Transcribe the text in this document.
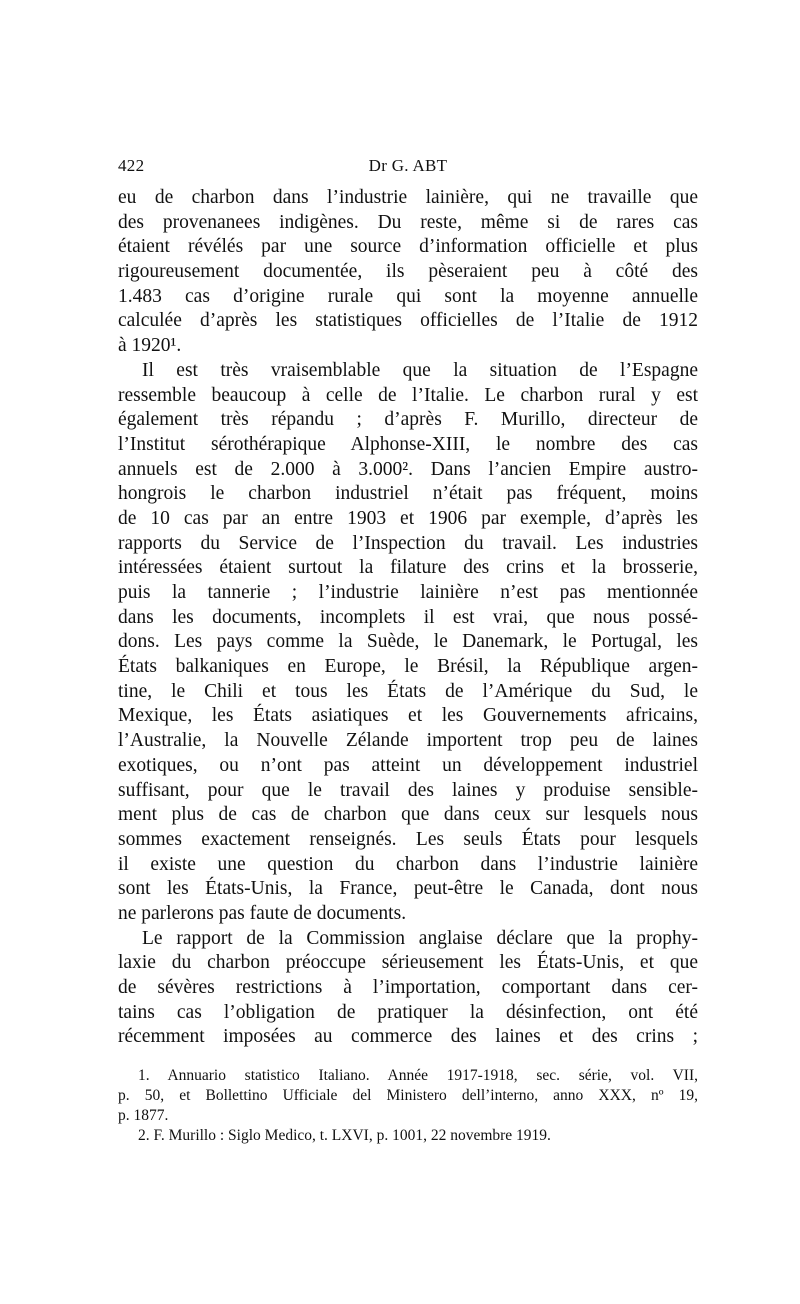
422	Dr G. ABT
eu de charbon dans l’industrie lainière, qui ne travaille que
des provenanees indigènes. Du reste, même si de rares cas
étaient révélés par une source d’information officielle et plus
rigoureusement documentée, ils pèseraient peu à côté des
1.483 cas d’origine rurale qui sont la moyenne annuelle
calculée d’après les statistiques officielles de l’Italie de 1912
à 1920¹.
Il est très vraisemblable que la situation de l’Espagne
ressemble beaucoup à celle de l’Italie. Le charbon rural y est
également très répandu ; d’après F. Murillo, directeur de
l’Institut sérothérapique Alphonse-XIII, le nombre des cas
annuels est de 2.000 à 3.000². Dans l’ancien Empire austro-
hongrois le charbon industriel n’était pas fréquent, moins
de 10 cas par an entre 1903 et 1906 par exemple, d’après les
rapports du Service de l’Inspection du travail. Les industries
intéressées étaient surtout la filature des crins et la brosserie,
puis la tannerie ; l’industrie lainière n’est pas mentionnée
dans les documents, incomplets il est vrai, que nous possé-
dons. Les pays comme la Suède, le Danemark, le Portugal, les
États balkaniques en Europe, le Brésil, la République argen-
tine, le Chili et tous les États de l’Amérique du Sud, le
Mexique, les États asiatiques et les Gouvernements africains,
l’Australie, la Nouvelle Zélande importent trop peu de laines
exotiques, ou n’ont pas atteint un développement industriel
suffisant, pour que le travail des laines y produise sensible-
ment plus de cas de charbon que dans ceux sur lesquels nous
sommes exactement renseignés. Les seuls États pour lesquels
il existe une question du charbon dans l’industrie lainière
sont les États-Unis, la France, peut-être le Canada, dont nous
ne parlerons pas faute de documents.
Le rapport de la Commission anglaise déclare que la prophy-
laxie du charbon préoccupe sérieusement les États-Unis, et que
de sévères restrictions à l’importation, comportant dans cer-
tains cas l’obligation de pratiquer la désinfection, ont été
récemment imposées au commerce des laines et des crins ;
1. Annuario statistico Italiano. Année 1917-1918, sec. série, vol. VII,
p. 50, et Bollettino Ufficiale del Ministero dell’interno, anno XXX, nº 19,
p. 1877.
2. F. Murillo : Siglo Medico, t. LXVI, p. 1001, 22 novembre 1919.
